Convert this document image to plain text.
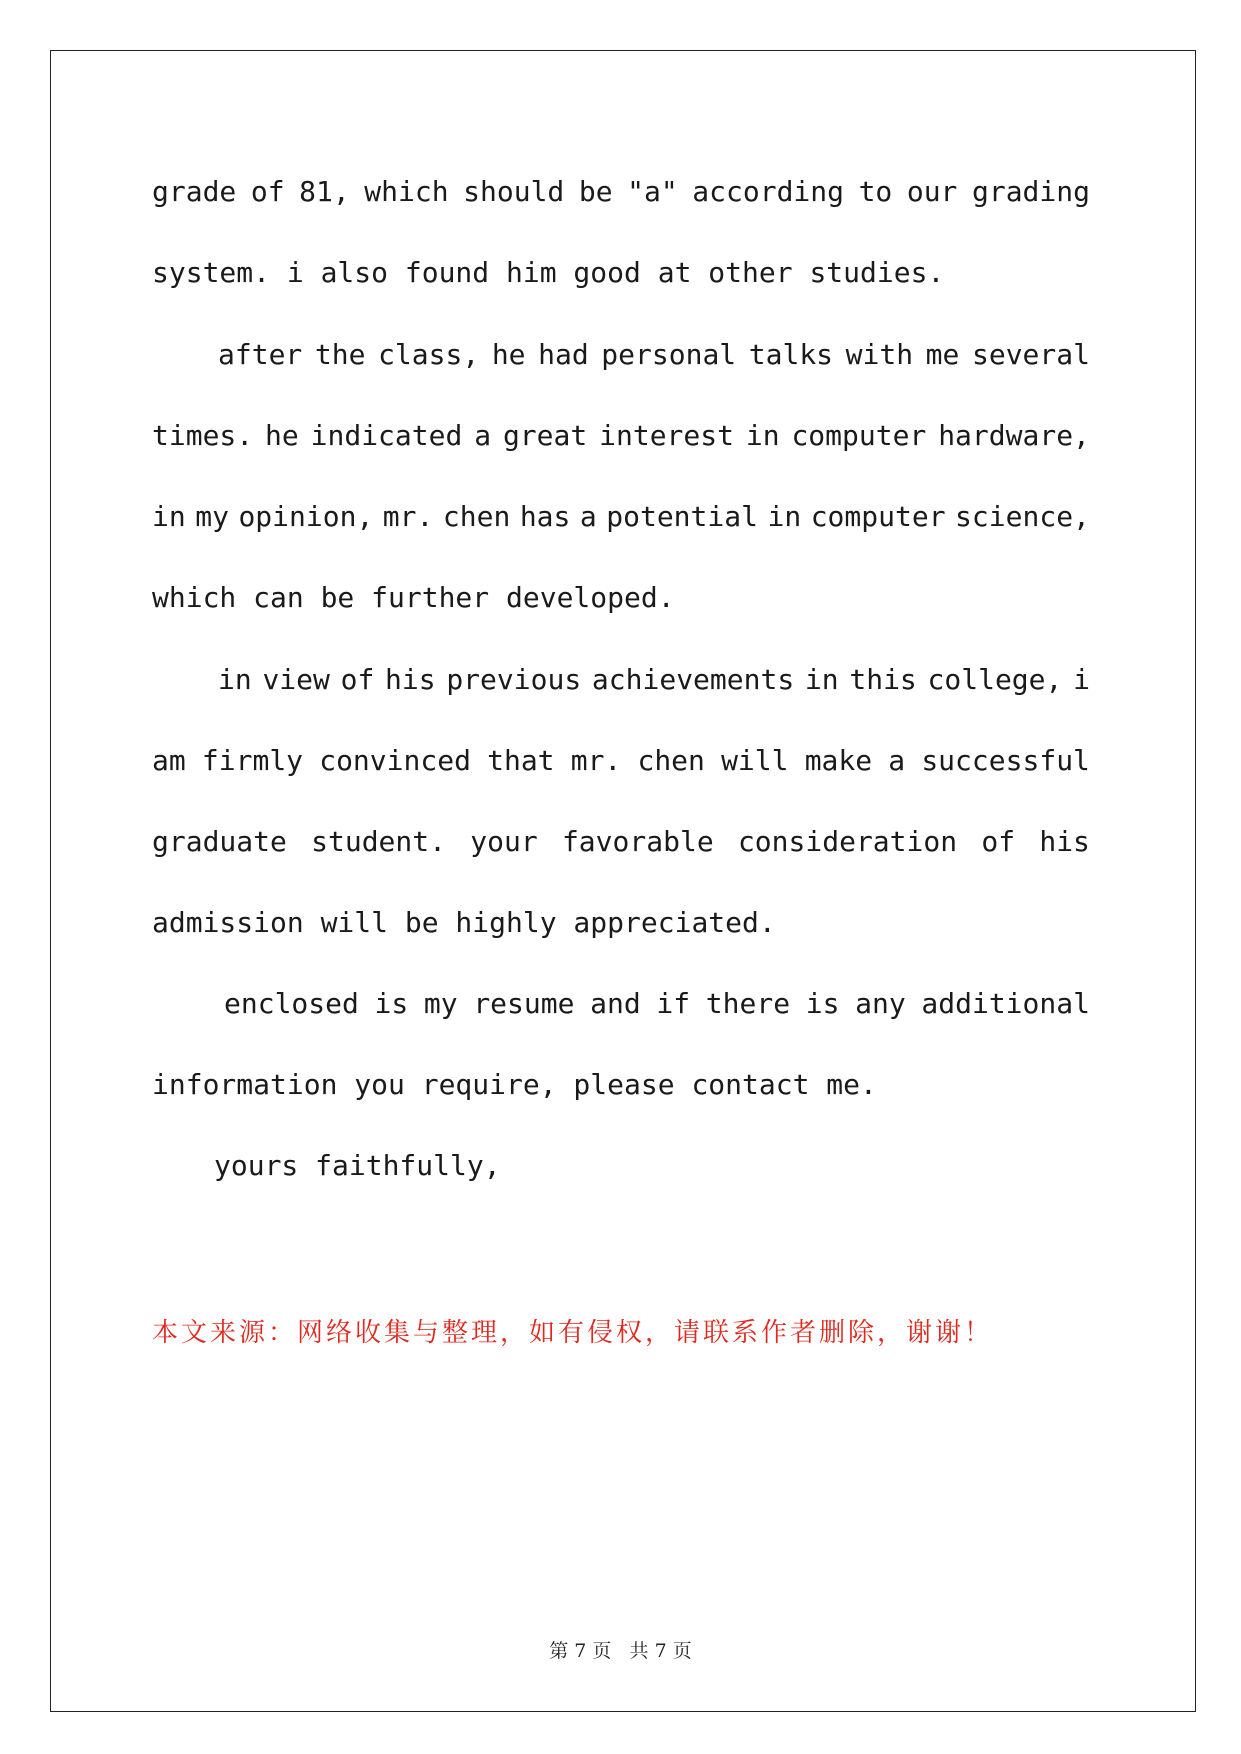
grade of 81, which should be "a" according to our grading
system. i also found him good at other studies.
after the class, he had personal talks with me several
times. he indicated a great interest in computer hardware,
in my opinion, mr. chen has a potential in computer science,
which can be further developed.
in view of his previous achievements in this college, i
am firmly convinced that mr. chen will make a successful
graduate student. your favorable consideration of his
admission will be highly appreciated.
enclosed is my resume and if there is any additional
information you require, please contact me.
yours faithfully,
本文来源：网络收集与整理，如有侵权，请联系作者删除，谢谢！
第 7 页   共 7 页
